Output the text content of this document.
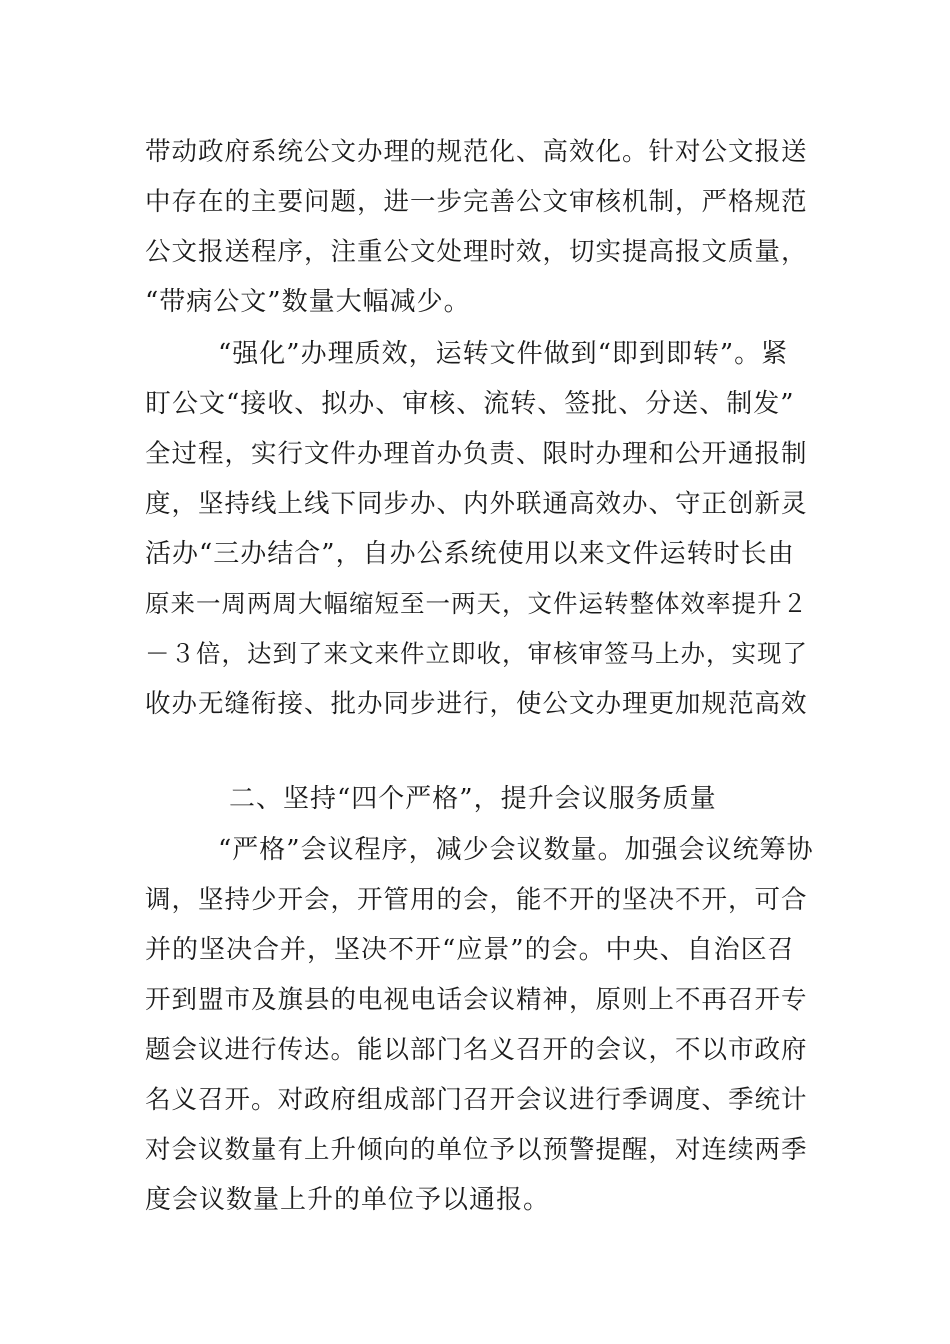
带动政府系统公文办理的规范化、高效化。针对公文报送
中存在的主要问题，进一步完善公文审核机制，严格规范
公文报送程序，注重公文处理时效，切实提高报文质量，
“带病公文”数量大幅减少。
“强化”办理质效，运转文件做到“即到即转”。紧
盯公文“接收、拟办、审核、流转、签批、分送、制发”
全过程，实行文件办理首办负责、限时办理和公开通报制
度，坚持线上线下同步办、内外联通高效办、守正创新灵
活办“三办结合”，自办公系统使用以来文件运转时长由
原来一周两周大幅缩短至一两天，文件运转整体效率提升２
－３倍，达到了来文来件立即收，审核审签马上办，实现了
收办无缝衔接、批办同步进行，使公文办理更加规范高效
二、坚持“四个严格”，提升会议服务质量
“严格”会议程序，减少会议数量。加强会议统筹协
调，坚持少开会，开管用的会，能不开的坚决不开，可合
并的坚决合并，坚决不开“应景”的会。中央、自治区召
开到盟市及旗县的电视电话会议精神，原则上不再召开专
题会议进行传达。能以部门名义召开的会议，不以市政府
名义召开。对政府组成部门召开会议进行季调度、季统计
对会议数量有上升倾向的单位予以预警提醒，对连续两季
度会议数量上升的单位予以通报。
